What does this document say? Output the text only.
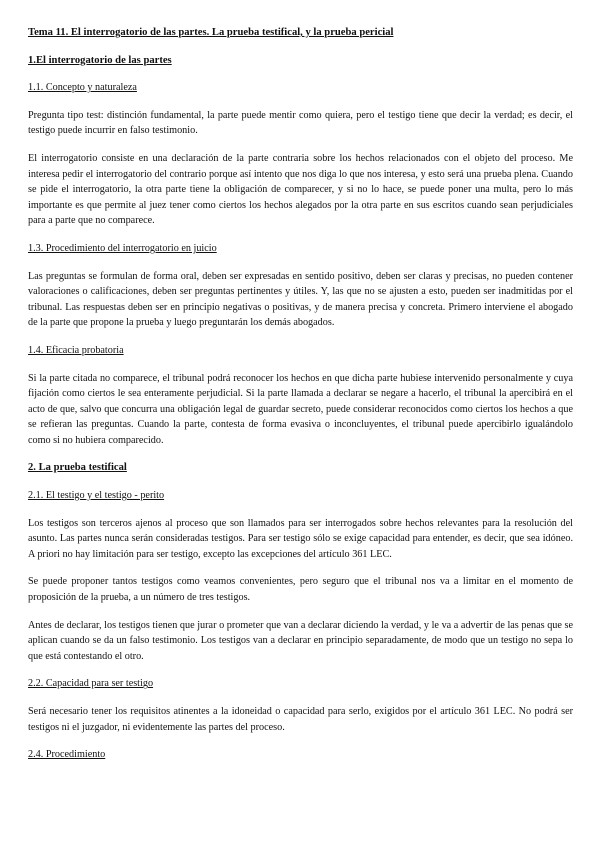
Tema 11. El interrogatorio de las partes. La prueba testifical, y la prueba pericial
1.El interrogatorio de las partes
1.1. Concepto y naturaleza
Pregunta tipo test: distinción fundamental, la parte puede mentir como quiera, pero el testigo tiene que decir la verdad; es decir, el testigo puede incurrir en falso testimonio.
El interrogatorio consiste en una declaración de la parte contraria sobre los hechos relacionados con el objeto del proceso. Me interesa pedir el interrogatorio del contrario porque así intento que nos diga lo que nos interesa, y esto será una prueba plena. Cuando se pide el interrogatorio, la otra parte tiene la obligación de comparecer, y si no lo hace, se puede poner una multa, pero lo más importante es que permite al juez tener como ciertos los hechos alegados por la otra parte en sus escritos cuando sean perjudiciales para a parte que no comparece.
1.3. Procedimiento del interrogatorio en juicio
Las preguntas se formulan de forma oral, deben ser expresadas en sentido positivo, deben ser claras y precisas, no pueden contener valoraciones o calificaciones, deben ser preguntas pertinentes y útiles. Y, las que no se ajusten a esto, pueden ser inadmitidas por el tribunal. Las respuestas deben ser en principio negativas o positivas, y de manera precisa y concreta. Primero interviene el abogado de la parte que propone la prueba y luego preguntarán los demás abogados.
1.4. Eficacia probatoria
Si la parte citada no comparece, el tribunal podrá reconocer los hechos en que dicha parte hubiese intervenido personalmente y cuya fijación como ciertos le sea enteramente perjudicial. Si la parte llamada a declarar se negare a hacerlo, el tribunal la apercibirá en el acto de que, salvo que concurra una obligación legal de guardar secreto, puede considerar reconocidos como ciertos los hechos a que se refieran las preguntas. Cuando la parte, contesta de forma evasiva o inconcluyentes, el tribunal puede apercibirlo igualándolo como si no hubiera comparecido.
2. La prueba testifical
2.1. El testigo y el testigo - perito
Los testigos son terceros ajenos al proceso que son llamados para ser interrogados sobre hechos relevantes para la resolución del asunto. Las partes nunca serán consideradas testigos. Para ser testigo sólo se exige capacidad para entender, es decir, que sea idóneo. A priori no hay limitación para ser testigo, excepto las excepciones del artículo 361 LEC.
Se puede proponer tantos testigos como veamos convenientes, pero seguro que el tribunal nos va a limitar en el momento de proposición de la prueba, a un número de tres testigos.
Antes de declarar, los testigos tienen que jurar o prometer que van a declarar diciendo la verdad, y le va a advertir de las penas que se aplican cuando se da un falso testimonio. Los testigos van a declarar en principio separadamente, de modo que un testigo no sepa lo que está contestando el otro.
2.2. Capacidad para ser testigo
Será necesario tener los requisitos atinentes a la idoneidad o capacidad para serlo, exigidos por el artículo 361 LEC. No podrá ser testigos ni el juzgador, ni evidentemente las partes del proceso.
2.4. Procedimiento
